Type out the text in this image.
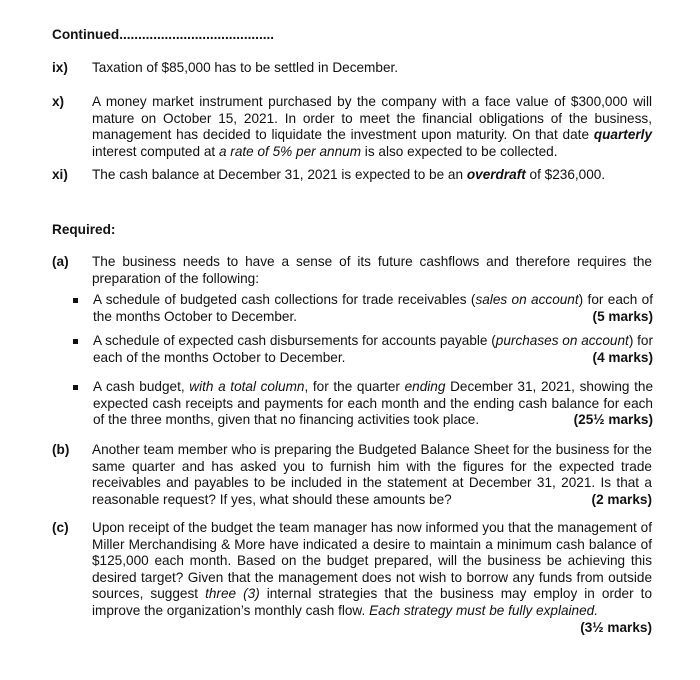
Continued.........................................
ix) Taxation of $85,000 has to be settled in December.
x) A money market instrument purchased by the company with a face value of $300,000 will mature on October 15, 2021. In order to meet the financial obligations of the business, management has decided to liquidate the investment upon maturity. On that date quarterly interest computed at a rate of 5% per annum is also expected to be collected.
xi) The cash balance at December 31, 2021 is expected to be an overdraft of $236,000.
Required:
(a) The business needs to have a sense of its future cashflows and therefore requires the preparation of the following:
A schedule of budgeted cash collections for trade receivables (sales on account) for each of the months October to December.	(5 marks)
A schedule of expected cash disbursements for accounts payable (purchases on account) for each of the months October to December.	(4 marks)
A cash budget, with a total column, for the quarter ending December 31, 2021, showing the expected cash receipts and payments for each month and the ending cash balance for each of the three months, given that no financing activities took place.	(25½ marks)
(b) Another team member who is preparing the Budgeted Balance Sheet for the business for the same quarter and has asked you to furnish him with the figures for the expected trade receivables and payables to be included in the statement at December 31, 2021. Is that a reasonable request? If yes, what should these amounts be?	(2 marks)
(c) Upon receipt of the budget the team manager has now informed you that the management of Miller Merchandising & More have indicated a desire to maintain a minimum cash balance of $125,000 each month. Based on the budget prepared, will the business be achieving this desired target? Given that the management does not wish to borrow any funds from outside sources, suggest three (3) internal strategies that the business may employ in order to improve the organization’s monthly cash flow. Each strategy must be fully explained.
(3½ marks)
